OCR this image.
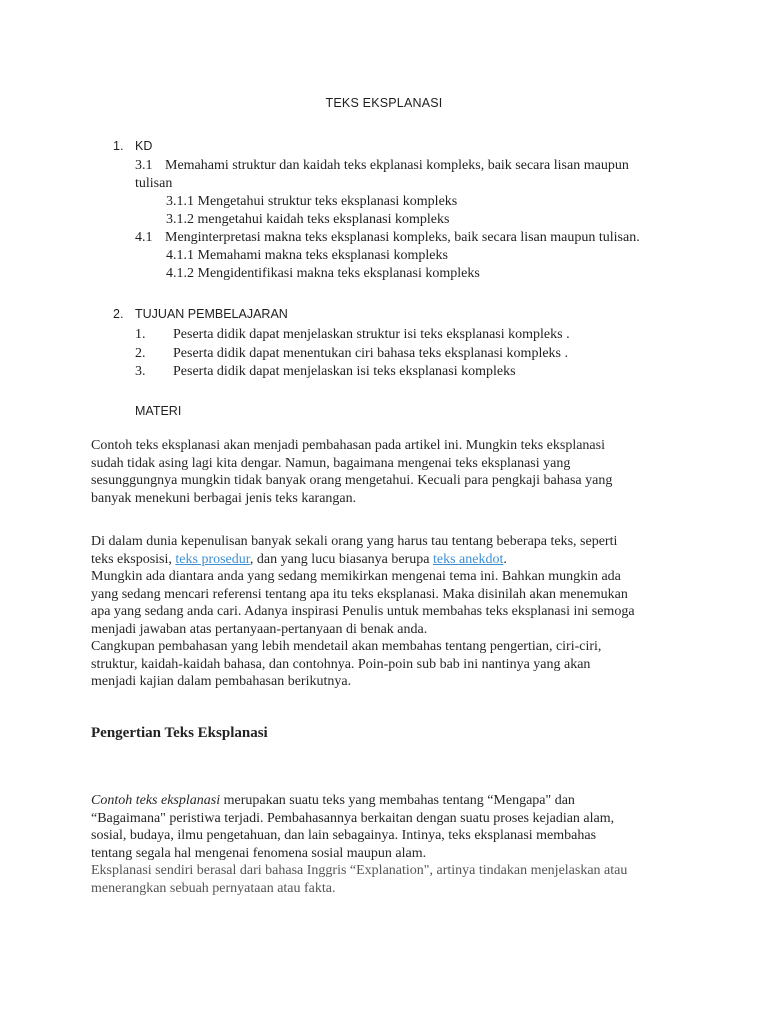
TEKS EKSPLANASI
1. KD
3.1 Memahami struktur dan kaidah teks ekplanasi kompleks, baik secara lisan maupun
tulisan
3.1.1 Mengetahui struktur teks eksplanasi kompleks
3.1.2 mengetahui kaidah teks eksplanasi kompleks
4.1 Menginterpretasi makna teks eksplanasi kompleks, baik secara lisan maupun tulisan.
4.1.1 Memahami makna teks eksplanasi kompleks
4.1.2 Mengidentifikasi makna teks eksplanasi kompleks
2. TUJUAN PEMBELAJARAN
1. Peserta didik dapat menjelaskan struktur isi teks eksplanasi kompleks .
2. Peserta didik dapat menentukan ciri bahasa teks eksplanasi kompleks .
3. Peserta didik dapat menjelaskan isi teks eksplanasi kompleks
MATERI

Contoh teks eksplanasi akan menjadi pembahasan pada artikel ini. Mungkin teks eksplanasi

sudah tidak asing lagi kita dengar. Namun, bagaimana mengenai teks eksplanasi yang

sesunggungnya mungkin tidak banyak orang mengetahui. Kecuali para pengkaji bahasa yang

banyak menekuni berbagai jenis teks karangan.

Di dalam dunia kepenulisan banyak sekali orang yang harus tau tentang beberapa teks, seperti

teks eksposisi, teks prosedur, dan yang lucu biasanya berupa teks anekdot.

Mungkin ada diantara anda yang sedang memikirkan mengenai tema ini. Bahkan mungkin ada

yang sedang mencari referensi tentang apa itu teks eksplanasi. Maka disinilah akan menemukan

apa yang sedang anda cari. Adanya inspirasi Penulis untuk membahas teks eksplanasi ini semoga

menjadi jawaban atas pertanyaan-pertanyaan di benak anda.

Cangkupan pembahasan yang lebih mendetail akan membahas tentang pengertian, ciri-ciri,

struktur, kaidah-kaidah bahasa, dan contohnya. Poin-poin sub bab ini nantinya yang akan

menjadi kajian dalam pembahasan berikutnya.

Pengertian Teks Eksplanasi

Contoh teks eksplanasi merupakan suatu teks yang membahas tentang “Mengapa" dan

“Bagaimana" peristiwa terjadi. Pembahasannya berkaitan dengan suatu proses kejadian alam,

sosial, budaya, ilmu pengetahuan, dan lain sebagainya. Intinya, teks eksplanasi membahas

tentang segala hal mengenai fenomena sosial maupun alam.

Eksplanasi sendiri berasal dari bahasa Inggris “Explanation", artinya tindakan menjelaskan atau

menerangkan sebuah pernyataan atau fakta.
